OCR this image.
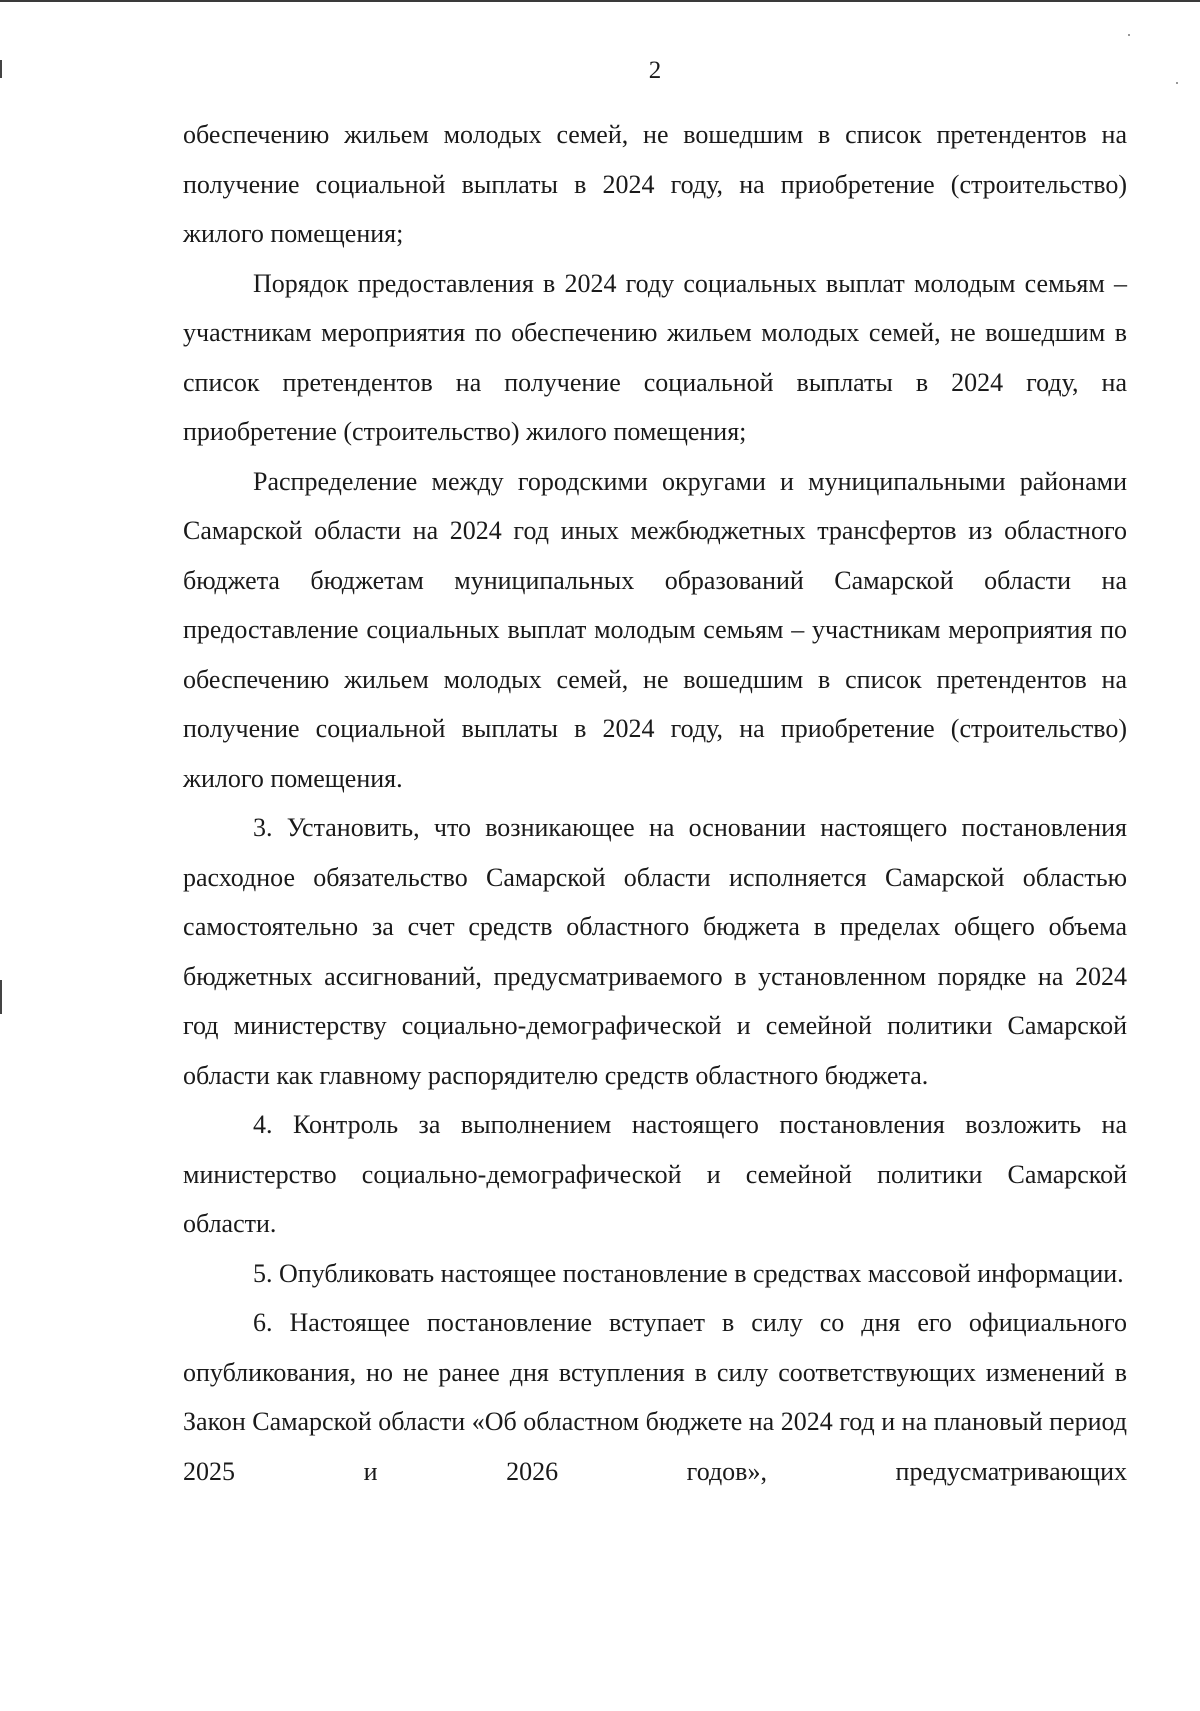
2

обеспечению жильем молодых семей, не вошедшим в список претендентов на получение социальной выплаты в 2024 году, на приобретение (строительство) жилого помещения;

Порядок предоставления в 2024 году социальных выплат молодым семьям – участникам мероприятия по обеспечению жильем молодых семей, не вошедшим в список претендентов на получение социальной выплаты в 2024 году, на приобретение (строительство) жилого помещения;

Распределение между городскими округами и муниципальными районами Самарской области на 2024 год иных межбюджетных трансфертов из областного бюджета бюджетам муниципальных образований Самарской области на предоставление социальных выплат молодым семьям – участникам мероприятия по обеспечению жильем молодых семей, не вошедшим в список претендентов на получение социальной выплаты в 2024 году, на приобретение (строительство) жилого помещения.

3. Установить, что возникающее на основании настоящего постановления расходное обязательство Самарской области исполняется Самарской областью самостоятельно за счет средств областного бюджета в пределах общего объема бюджетных ассигнований, предусматриваемого в установленном порядке на 2024 год министерству социально-демографической и семейной политики Самарской области как главному распорядителю средств областного бюджета.

4. Контроль за выполнением настоящего постановления возложить на министерство социально-демографической и семейной политики Самарской области.

5. Опубликовать настоящее постановление в средствах массовой информации.

6. Настоящее постановление вступает в силу со дня его официального опубликования, но не ранее дня вступления в силу соответствующих изменений в Закон Самарской области «Об областном бюджете на 2024 год и на плановый период 2025 и 2026 годов», предусматривающих
